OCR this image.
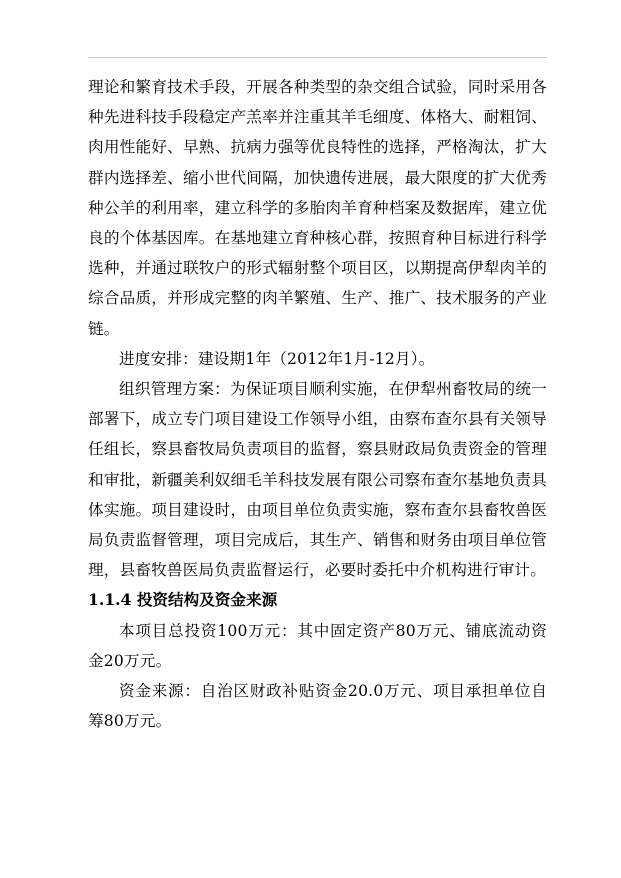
理论和繁育技术手段，开展各种类型的杂交组合试验，同时采用各种先进科技手段稳定产羔率并注重其羊毛细度、体格大、耐粗饲、肉用性能好、早熟、抗病力强等优良特性的选择，严格淘汰，扩大群内选择差、缩小世代间隔，加快遗传进展，最大限度的扩大优秀种公羊的利用率，建立科学的多胎肉羊育种档案及数据库，建立优良的个体基因库。在基地建立育种核心群，按照育种目标进行科学选种，并通过联牧户的形式辐射整个项目区，以期提高伊犁肉羊的综合品质，并形成完整的肉羊繁殖、生产、推广、技术服务的产业链。

进度安排：建设期1年（2012年1月-12月）。

组织管理方案：为保证项目顺利实施，在伊犁州畜牧局的统一部署下，成立专门项目建设工作领导小组，由察布查尔县有关领导任组长，察县畜牧局负责项目的监督，察县财政局负责资金的管理和审批，新疆美利奴细毛羊科技发展有限公司察布查尔基地负责具体实施。项目建设时，由项目单位负责实施，察布查尔县畜牧兽医局负责监督管理，项目完成后，其生产、销售和财务由项目单位管理，县畜牧兽医局负责监督运行，必要时委托中介机构进行审计。

1.1.4 投资结构及资金来源

本项目总投资100万元：其中固定资产80万元、铺底流动资金20万元。

资金来源：自治区财政补贴资金20.0万元、项目承担单位自筹80万元。
